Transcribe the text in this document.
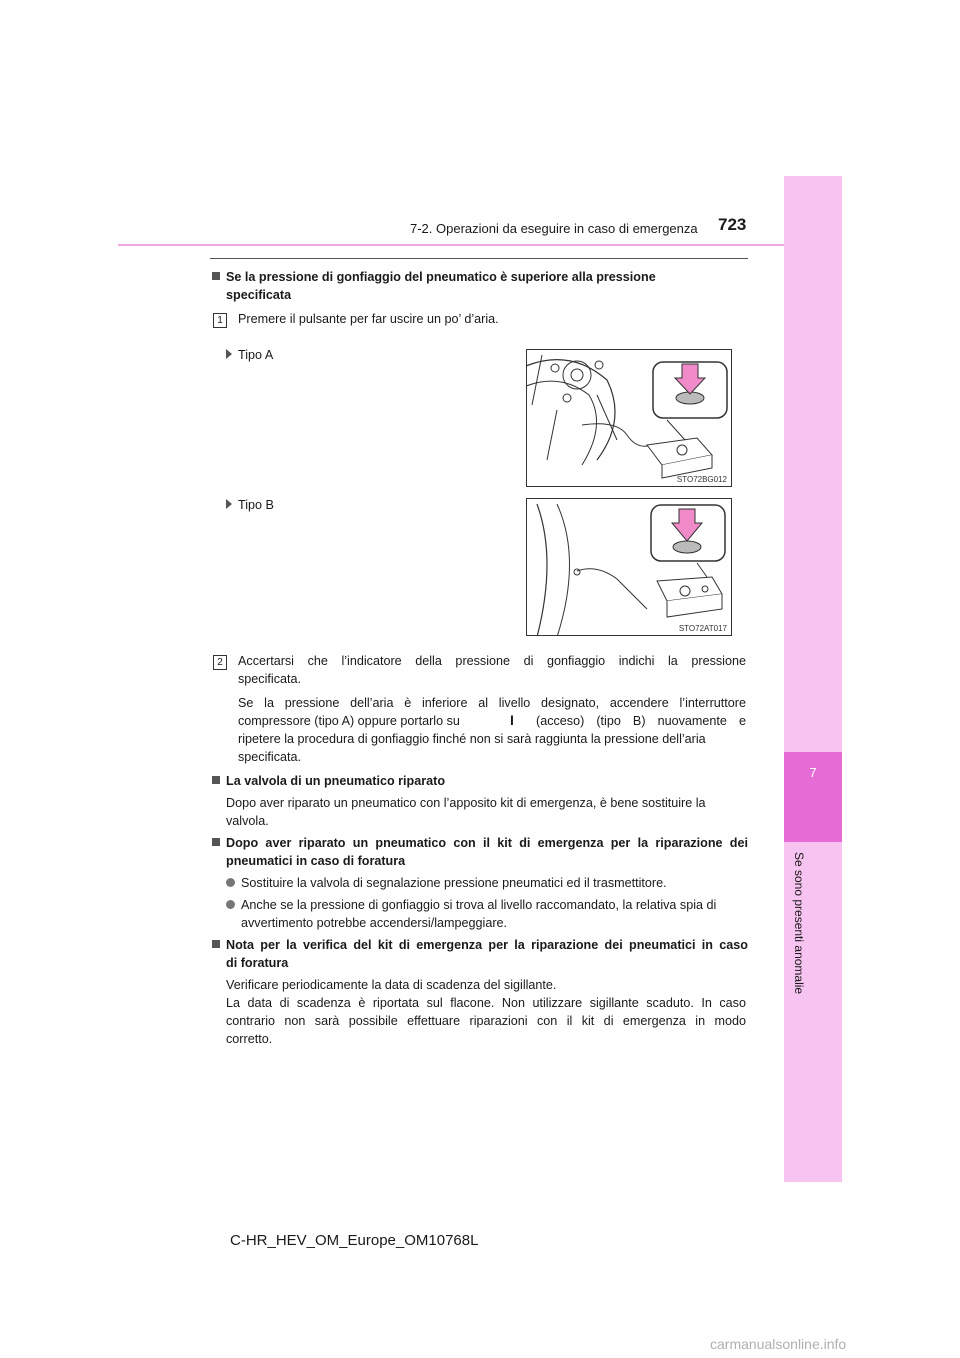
7
Se sono presenti anomalie
7-2. Operazioni da eseguire in caso di emergenza 723
Se la pressione di gonfiaggio del pneumatico è superiore alla pressione
specificata
1	Premere il pulsante per far uscire un po’ d’aria.
Tipo A
STO72BG012
Tipo B
STO72AT017
2	Accertarsi che l’indicatore della pressione di gonfiaggio indichi la pressione
specificata.
Se la pressione dell’aria è inferiore al livello designato, accendere l’interruttore
compressore (tipo A) oppure portarlo su	I (acceso) (tipo B) nuovamente e
ripetere la procedura di gonfiaggio finché non si sarà raggiunta la pressione dell’aria
specificata.
La valvola di un pneumatico riparato
Dopo aver riparato un pneumatico con l’apposito kit di emergenza, è bene sostituire la
valvola.
Dopo aver riparato un pneumatico con il kit di emergenza per la riparazione dei
pneumatici in caso di foratura
Sostituire la valvola di segnalazione pressione pneumatici ed il trasmettitore.
Anche se la pressione di gonfiaggio si trova al livello raccomandato, la relativa spia di
avvertimento potrebbe accendersi/lampeggiare.
Nota per la verifica del kit di emergenza per la riparazione dei pneumatici in caso
di foratura
Verificare periodicamente la data di scadenza del sigillante.
La data di scadenza è riportata sul flacone. Non utilizzare sigillante scaduto. In caso
contrario non sarà possibile effettuare riparazioni con il kit di emergenza in modo
corretto.
C-HR_HEV_OM_Europe_OM10768L
carmanualsonline.info
